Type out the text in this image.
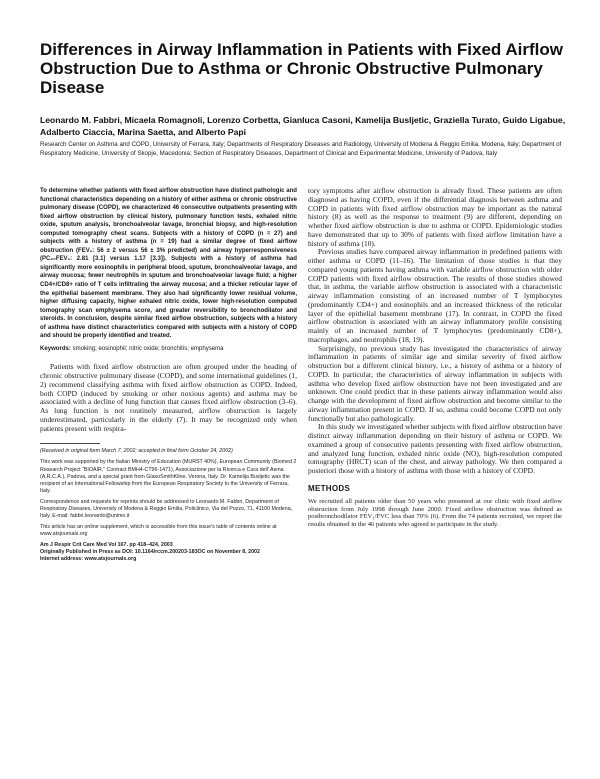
Differences in Airway Inflammation in Patients with Fixed Airflow Obstruction Due to Asthma or Chronic Obstructive Pulmonary Disease
Leonardo M. Fabbri, Micaela Romagnoli, Lorenzo Corbetta, Gianluca Casoni, Kamelija Busljetic, Graziella Turato, Guido Ligabue, Adalberto Ciaccia, Marina Saetta, and Alberto Papi
Research Center on Asthma and COPD, University of Ferrara, Italy; Departments of Respiratory Diseases and Radiology, University of Modena & Reggio Emilia, Modena, Italy; Department of Respiratory Medicine, University of Skopje, Macedonia; Section of Respiratory Diseases, Department of Clinical and Experimental Medicine, University of Padova, Italy

To determine whether patients with fixed airflow obstruction have distinct pathologic and functional characteristics depending on a history of either asthma or chronic obstructive pulmonary disease (COPD), we characterized 46 consecutive outpatients presenting with fixed airflow obstruction by clinical history, pulmonary function tests, exhaled nitric oxide, sputum analysis, bronchoalveolar lavage, bronchial biopsy, and high-resolution computed tomography chest scans. Subjects with a history of COPD (n = 27) and subjects with a history of asthma (n = 19) had a similar degree of fixed airflow obstruction (FEV₁: 56 ± 2 versus 56 ± 3% predicted) and airway hyperresponsiveness (PC₂₀FEV₁: 2.81 [3.1] versus 1.17 [3.3]). Subjects with a history of asthma had significantly more eosinophils in peripheral blood, sputum, bronchoalveolar lavage, and airway mucosa; fewer neutrophils in sputum and bronchoalveolar lavage fluid; a higher CD4+/CD8+ ratio of T cells infiltrating the airway mucosa; and a thicker reticular layer of the epithelial basement membrane. They also had significantly lower residual volume, higher diffusing capacity, higher exhaled nitric oxide, lower high-resolution computed tomography scan emphysema score, and greater reversibility to bronchodilator and steroids. In conclusion, despite similar fixed airflow obstruction, subjects with a history of asthma have distinct characteristics compared with subjects with a history of COPD and should be properly identified and treated.

Keywords: smoking; eosinophil; nitric oxide; bronchitis; emphysema

Patients with fixed airflow obstruction are often grouped under the heading of chronic obstructive pulmonary disease (COPD), and some international guidelines (1, 2) recommend classifying asthma with fixed airflow obstruction as COPD. Indeed, both COPD (induced by smoking or other noxious agents) and asthma may be associated with a decline of lung function that causes fixed airflow obstruction (3–6). As lung function is not routinely measured, airflow obstruction is largely underestimated, particularly in the elderly (7). It may be recognized only when patients present with respira-

(Received in original form March 7, 2002; accepted in final form October 24, 2002)

This work was supported by the Italian Ministry of Education (MURST 40%), European Community (Biomed 2 Research Project “BIOAIR,” Contract BMH4-CT96-1471), Associazione per la Ricerca e Cura dell’ Asma (A.R.C.A.), Padova, and a special grant from GlaxoSmithKline, Verona, Italy. Dr. Kamelija Busljetic was the recipient of an International Fellowship from the European Respiratory Society to the University of Ferrara, Italy.

Correspondence and requests for reprints should be addressed to Leonardo M. Fabbri, Department of Respiratory Diseases, University of Modena & Reggio Emilia, Policlinico, Via del Pozzo, 71, 41100 Modena, Italy. E-mail: fabbri.leonardo@unimo.it

This article has an online supplement, which is accessible from this issue’s table of contents online at www.atsjournals.org

Am J Respir Crit Care Med Vol 167. pp 418–424, 2003

Originally Published in Press as DOI: 10.1164/rccm.200203-183OC on November 8, 2002

Internet address: www.atsjournals.org

tory symptoms after airflow obstruction is already fixed. These patients are often diagnosed as having COPD, even if the differential diagnosis between asthma and COPD in patients with fixed airflow obstruction may be important as the natural history (8) as well as the response to treatment (9) are different, depending on whether fixed airflow obstruction is due to asthma or COPD. Epidemiologic studies have demonstrated that up to 30% of patients with fixed airflow limitation have a history of asthma (10).

Previous studies have compared airway inflammation in predefined patients with either asthma or COPD (11–16). The limitation of those studies is that they compared young patients having asthma with variable airflow obstruction with older COPD patients with fixed airflow obstruction. The results of those studies showed that, in asthma, the variable airflow obstruction is associated with a characteristic airway inflammation consisting of an increased number of T lymphocytes (predominantly CD4+) and eosinophils and an increased thickness of the reticular layer of the epithelial basement membrane (17). In contrast, in COPD the fixed airflow obstruction is associated with an airway inflammatory profile consisting mainly of an increased number of T lymphocytes (predominantly CD8+), macrophages, and neutrophils (18, 19).

Surprisingly, no previous study has investigated the characteristics of airway inflammation in patients of similar age and similar severity of fixed airflow obstruction but a different clinical history, i.e., a history of asthma or a history of COPD. In particular, the characteristics of airway inflammation in subjects with asthma who develop fixed airflow obstruction have not been investigated and are unknown. One could predict that in these patients airway inflammation would also change with the development of fixed airflow obstruction and become similar to the airway inflammation present in COPD. If so, asthma could become COPD not only functionally but also pathologically.

In this study we investigated whether subjects with fixed airflow obstruction have distinct airway inflammation depending on their history of asthma or COPD. We examined a group of consecutive patients presenting with fixed airflow obstruction, and analyzed lung function, exhaled nitric oxide (NO), high-resolution computed tomography (HRCT) scan of the chest, and airway pathology. We then compared a posteriori those with a history of asthma with those with a history of COPD.

METHODS

We recruited all patients older than 50 years who presented at our clinic with fixed airflow obstruction from July 1998 through June 2000. Fixed airflow obstruction was defined as postbronchodilator FEV₁/FVC less than 70% (6). From the 74 patients recruited, we report the results obtained in the 46 patients who agreed to participate in the study.
